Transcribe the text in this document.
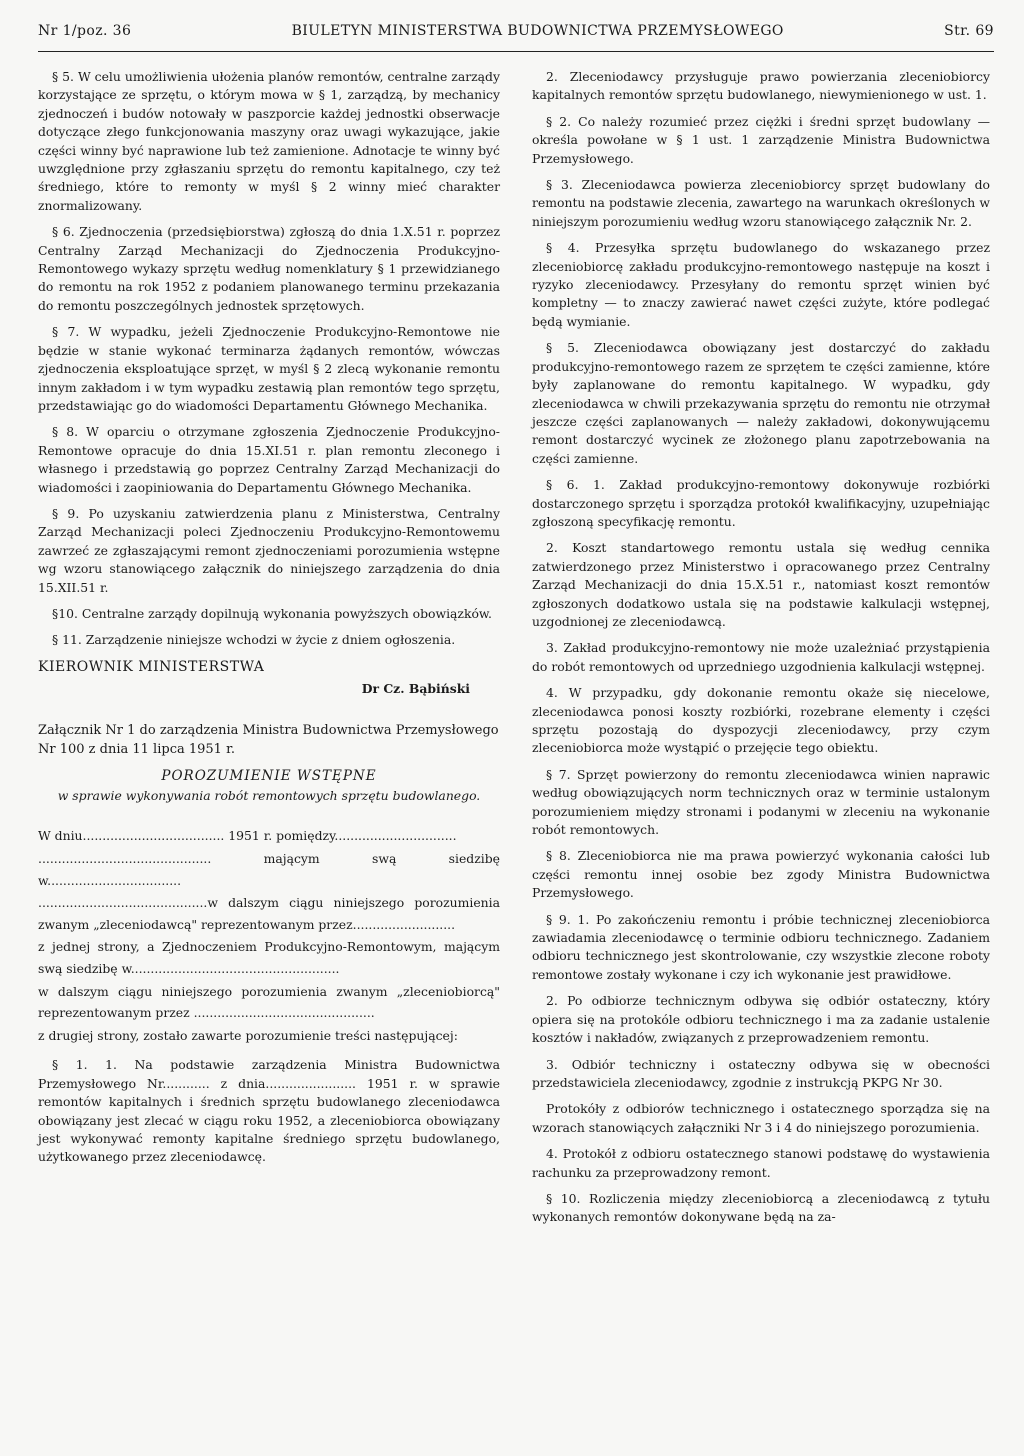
Nr 1/poz. 36	BIULETYN MINISTERSTWA BUDOWNICTWA PRZEMYSŁOWEGO	Str. 69

§ 5. W celu umożliwienia ułożenia planów remontów, centralne zarządy korzystające ze sprzętu, o którym mowa w § 1, zarządzą, by mechanicy zjednoczeń i budów notowały w paszporcie każdej jednostki obserwacje dotyczące złego funkcjonowania maszyny oraz uwagi wykazujące, jakie części winny być naprawione lub też zamienione. Adnotacje te winny być uwzględnione przy zgłaszaniu sprzętu do remontu kapitalnego, czy też średniego, które to remonty w myśl § 2 winny mieć charakter znormalizowany.

§ 6. Zjednoczenia (przedsiębiorstwa) zgłoszą do dnia 1.X.51 r. poprzez Centralny Zarząd Mechanizacji do Zjednoczenia Produkcyjno-Remontowego wykazy sprzętu według nomenklatury § 1 przewidzianego do remontu na rok 1952 z podaniem planowanego terminu przekazania do remontu poszczególnych jednostek sprzętowych.

§ 7. W wypadku, jeżeli Zjednoczenie Produkcyjno-Remontowe nie będzie w stanie wykonać terminarza żądanych remontów, wówczas zjednoczenia eksploatujące sprzęt, w myśl § 2 zlecą wykonanie remontu innym zakładom i w tym wypadku zestawią plan remontów tego sprzętu, przedstawiając go do wiadomości Departamentu Głównego Mechanika.

§ 8. W oparciu o otrzymane zgłoszenia Zjednoczenie Produkcyjno-Remontowe opracuje do dnia 15.XI.51 r. plan remontu zleconego i własnego i przedstawią go poprzez Centralny Zarząd Mechanizacji do wiadomości i zaopiniowania do Departamentu Głównego Mechanika.

§ 9. Po uzyskaniu zatwierdzenia planu z Ministerstwa, Centralny Zarząd Mechanizacji poleci Zjednoczeniu Produkcyjno-Remontowemu zawrzeć ze zgłaszającymi remont zjednoczeniami porozumienia wstępne wg wzoru stanowiącego załącznik do niniejszego zarządzenia do dnia 15.XII.51 r.

§10. Centralne zarządy dopilnują wykonania powyższych obowiązków.

§ 11. Zarządzenie niniejsze wchodzi w życie z dniem ogłoszenia.

KIEROWNIK MINISTERSTWA
Dr Cz. Bąbiński

Załącznik Nr 1 do zarządzenia Ministra Budownictwa Przemysłowego Nr 100 z dnia 11 lipca 1951 r.

POROZUMIENIE WSTĘPNE
w sprawie wykonywania robót remontowych sprzętu budowlanego.

W dniu.................................... 1951 r. pomiędzy...............................

............................................ mającym swą siedzibę w..................................

...........................................w dalszym ciągu niniejszego porozumienia zwanym „zleceniodawcą" reprezentowanym przez..........................

z jednej strony, a Zjednoczeniem Produkcyjno-Remontowym, mającym swą siedzibę w.....................................................

w dalszym ciągu niniejszego porozumienia zwanym „zleceniobiorcą" reprezentowanym przez ..............................................

z drugiej strony, zostało zawarte porozumienie treści następującej:

§ 1. 1. Na podstawie zarządzenia Ministra Budownictwa Przemysłowego Nr............ z dnia....................... 1951 r. w sprawie remontów kapitalnych i średnich sprzętu budowlanego zleceniodawca obowiązany jest zlecać w ciągu roku 1952, a zleceniobiorca obowiązany jest wykonywać remonty kapitalne średniego sprzętu budowlanego, użytkowanego przez zleceniodawcę.

2. Zleceniodawcy przysługuje prawo powierzania zleceniobiorcy kapitalnych remontów sprzętu budowlanego, niewymienionego w ust. 1.

§ 2. Co należy rozumieć przez ciężki i średni sprzęt budowlany — określa powołane w § 1 ust. 1 zarządzenie Ministra Budownictwa Przemysłowego.

§ 3. Zleceniodawca powierza zleceniobiorcy sprzęt budowlany do remontu na podstawie zlecenia, zawartego na warunkach określonych w niniejszym porozumieniu według wzoru stanowiącego załącznik Nr. 2.

§ 4. Przesyłka sprzętu budowlanego do wskazanego przez zleceniobiorcę zakładu produkcyjno-remontowego następuje na koszt i ryzyko zleceniodawcy. Przesyłany do remontu sprzęt winien być kompletny — to znaczy zawierać nawet części zużyte, które podlegać będą wymianie.

§ 5. Zleceniodawca obowiązany jest dostarczyć do zakładu produkcyjno-remontowego razem ze sprzętem te części zamienne, które były zaplanowane do remontu kapitalnego. W wypadku, gdy zleceniodawca w chwili przekazywania sprzętu do remontu nie otrzymał jeszcze części zaplanowanych — należy zakładowi, dokonywującemu remont dostarczyć wycinek ze złożonego planu zapotrzebowania na części zamienne.

§ 6. 1. Zakład produkcyjno-remontowy dokonywuje rozbiórki dostarczonego sprzętu i sporządza protokół kwalifikacyjny, uzupełniając zgłoszoną specyfikację remontu.

2. Koszt standartowego remontu ustala się według cennika zatwierdzonego przez Ministerstwo i opracowanego przez Centralny Zarząd Mechanizacji do dnia 15.X.51 r., natomiast koszt remontów zgłoszonych dodatkowo ustala się na podstawie kalkulacji wstępnej, uzgodnionej ze zleceniodawcą.

3. Zakład produkcyjno-remontowy nie może uzależniać przystąpienia do robót remontowych od uprzedniego uzgodnienia kalkulacji wstępnej.

4. W przypadku, gdy dokonanie remontu okaże się niecelowe, zleceniodawca ponosi koszty rozbiórki, rozebrane elementy i części sprzętu pozostają do dyspozycji zleceniodawcy, przy czym zleceniobiorca może wystąpić o przejęcie tego obiektu.

§ 7. Sprzęt powierzony do remontu zleceniodawca winien naprawic według obowiązujących norm technicznych oraz w terminie ustalonym porozumieniem między stronami i podanymi w zleceniu na wykonanie robót remontowych.

§ 8. Zleceniobiorca nie ma prawa powierzyć wykonania całości lub części remontu innej osobie bez zgody Ministra Budownictwa Przemysłowego.

§ 9. 1. Po zakończeniu remontu i próbie technicznej zleceniobiorca zawiadamia zleceniodawcę o terminie odbioru technicznego. Zadaniem odbioru technicznego jest skontrolowanie, czy wszystkie zlecone roboty remontowe zostały wykonane i czy ich wykonanie jest prawidłowe.

2. Po odbiorze technicznym odbywa się odbiór ostateczny, który opiera się na protokóle odbioru technicznego i ma za zadanie ustalenie kosztów i nakładów, związanych z przeprowadzeniem remontu.

3. Odbiór techniczny i ostateczny odbywa się w obecności przedstawiciela zleceniodawcy, zgodnie z instrukcją PKPG Nr 30.

Protokóły z odbiorów technicznego i ostatecznego sporządza się na wzorach stanowiących załączniki Nr 3 i 4 do niniejszego porozumienia.

4. Protokół z odbioru ostatecznego stanowi podstawę do wystawienia rachunku za przeprowadzony remont.

§ 10. Rozliczenia między zleceniobiorcą a zleceniodawcą z tytułu wykonanych remontów dokonywane będą na za-
